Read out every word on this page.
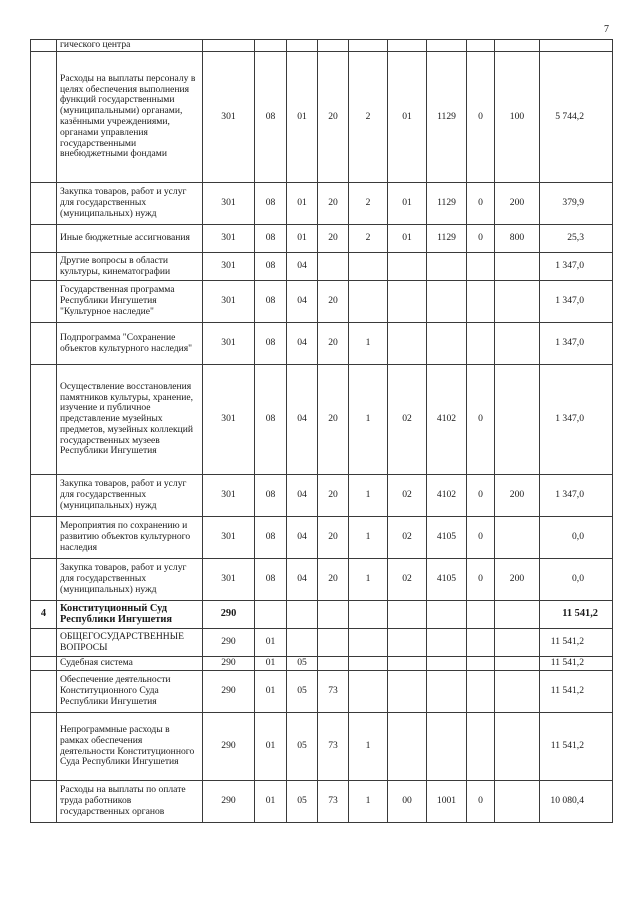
7
	гического центра										
	Расходы на выплаты персоналу в целях обеспечения выполнения функций государственными (муниципальными) органами, казёнными учреждениями, органами управления государственными внебюджетными фондами	301	08	01	20	2	01	1129	0	100	5 744,2
	Закупка товаров, работ и услуг для государственных (муниципальных) нужд	301	08	01	20	2	01	1129	0	200	379,9
	Иные бюджетные ассигнования	301	08	01	20	2	01	1129	0	800	25,3
	Другие вопросы в области культуры, кинематографии	301	08	04							1 347,0
	Государственная программа Республики Ингушетия "Культурное наследие"	301	08	04	20						1 347,0
	Подпрограмма "Сохранение объектов культурного наследия"	301	08	04	20	1					1 347,0
	Осуществление восстановления памятников культуры, хранение, изучение и публичное представление музейных предметов, музейных коллекций государственных музеев Республики Ингушетия	301	08	04	20	1	02	4102	0		1 347,0
	Закупка товаров, работ и услуг для государственных (муниципальных) нужд	301	08	04	20	1	02	4102	0	200	1 347,0
	Мероприятия по сохранению и развитию объектов культурного наследия	301	08	04	20	1	02	4105	0		0,0
	Закупка товаров, работ и услуг для государственных (муниципальных) нужд	301	08	04	20	1	02	4105	0	200	0,0
4	Конституционный Суд Республики Ингушетия	290									11 541,2
	ОБЩЕГОСУДАРСТВЕННЫЕ ВОПРОСЫ	290	01								11 541,2
	Судебная система	290	01	05							11 541,2
	Обеспечение деятельности Конституционного Суда Республики Ингушетия	290	01	05	73						11 541,2
	Непрограммные расходы в рамках обеспечения деятельности Конституционного Суда Республики Ингушетия	290	01	05	73	1					11 541,2
	Расходы на выплаты по оплате труда работников государственных органов	290	01	05	73	1	00	1001	0		10 080,4
